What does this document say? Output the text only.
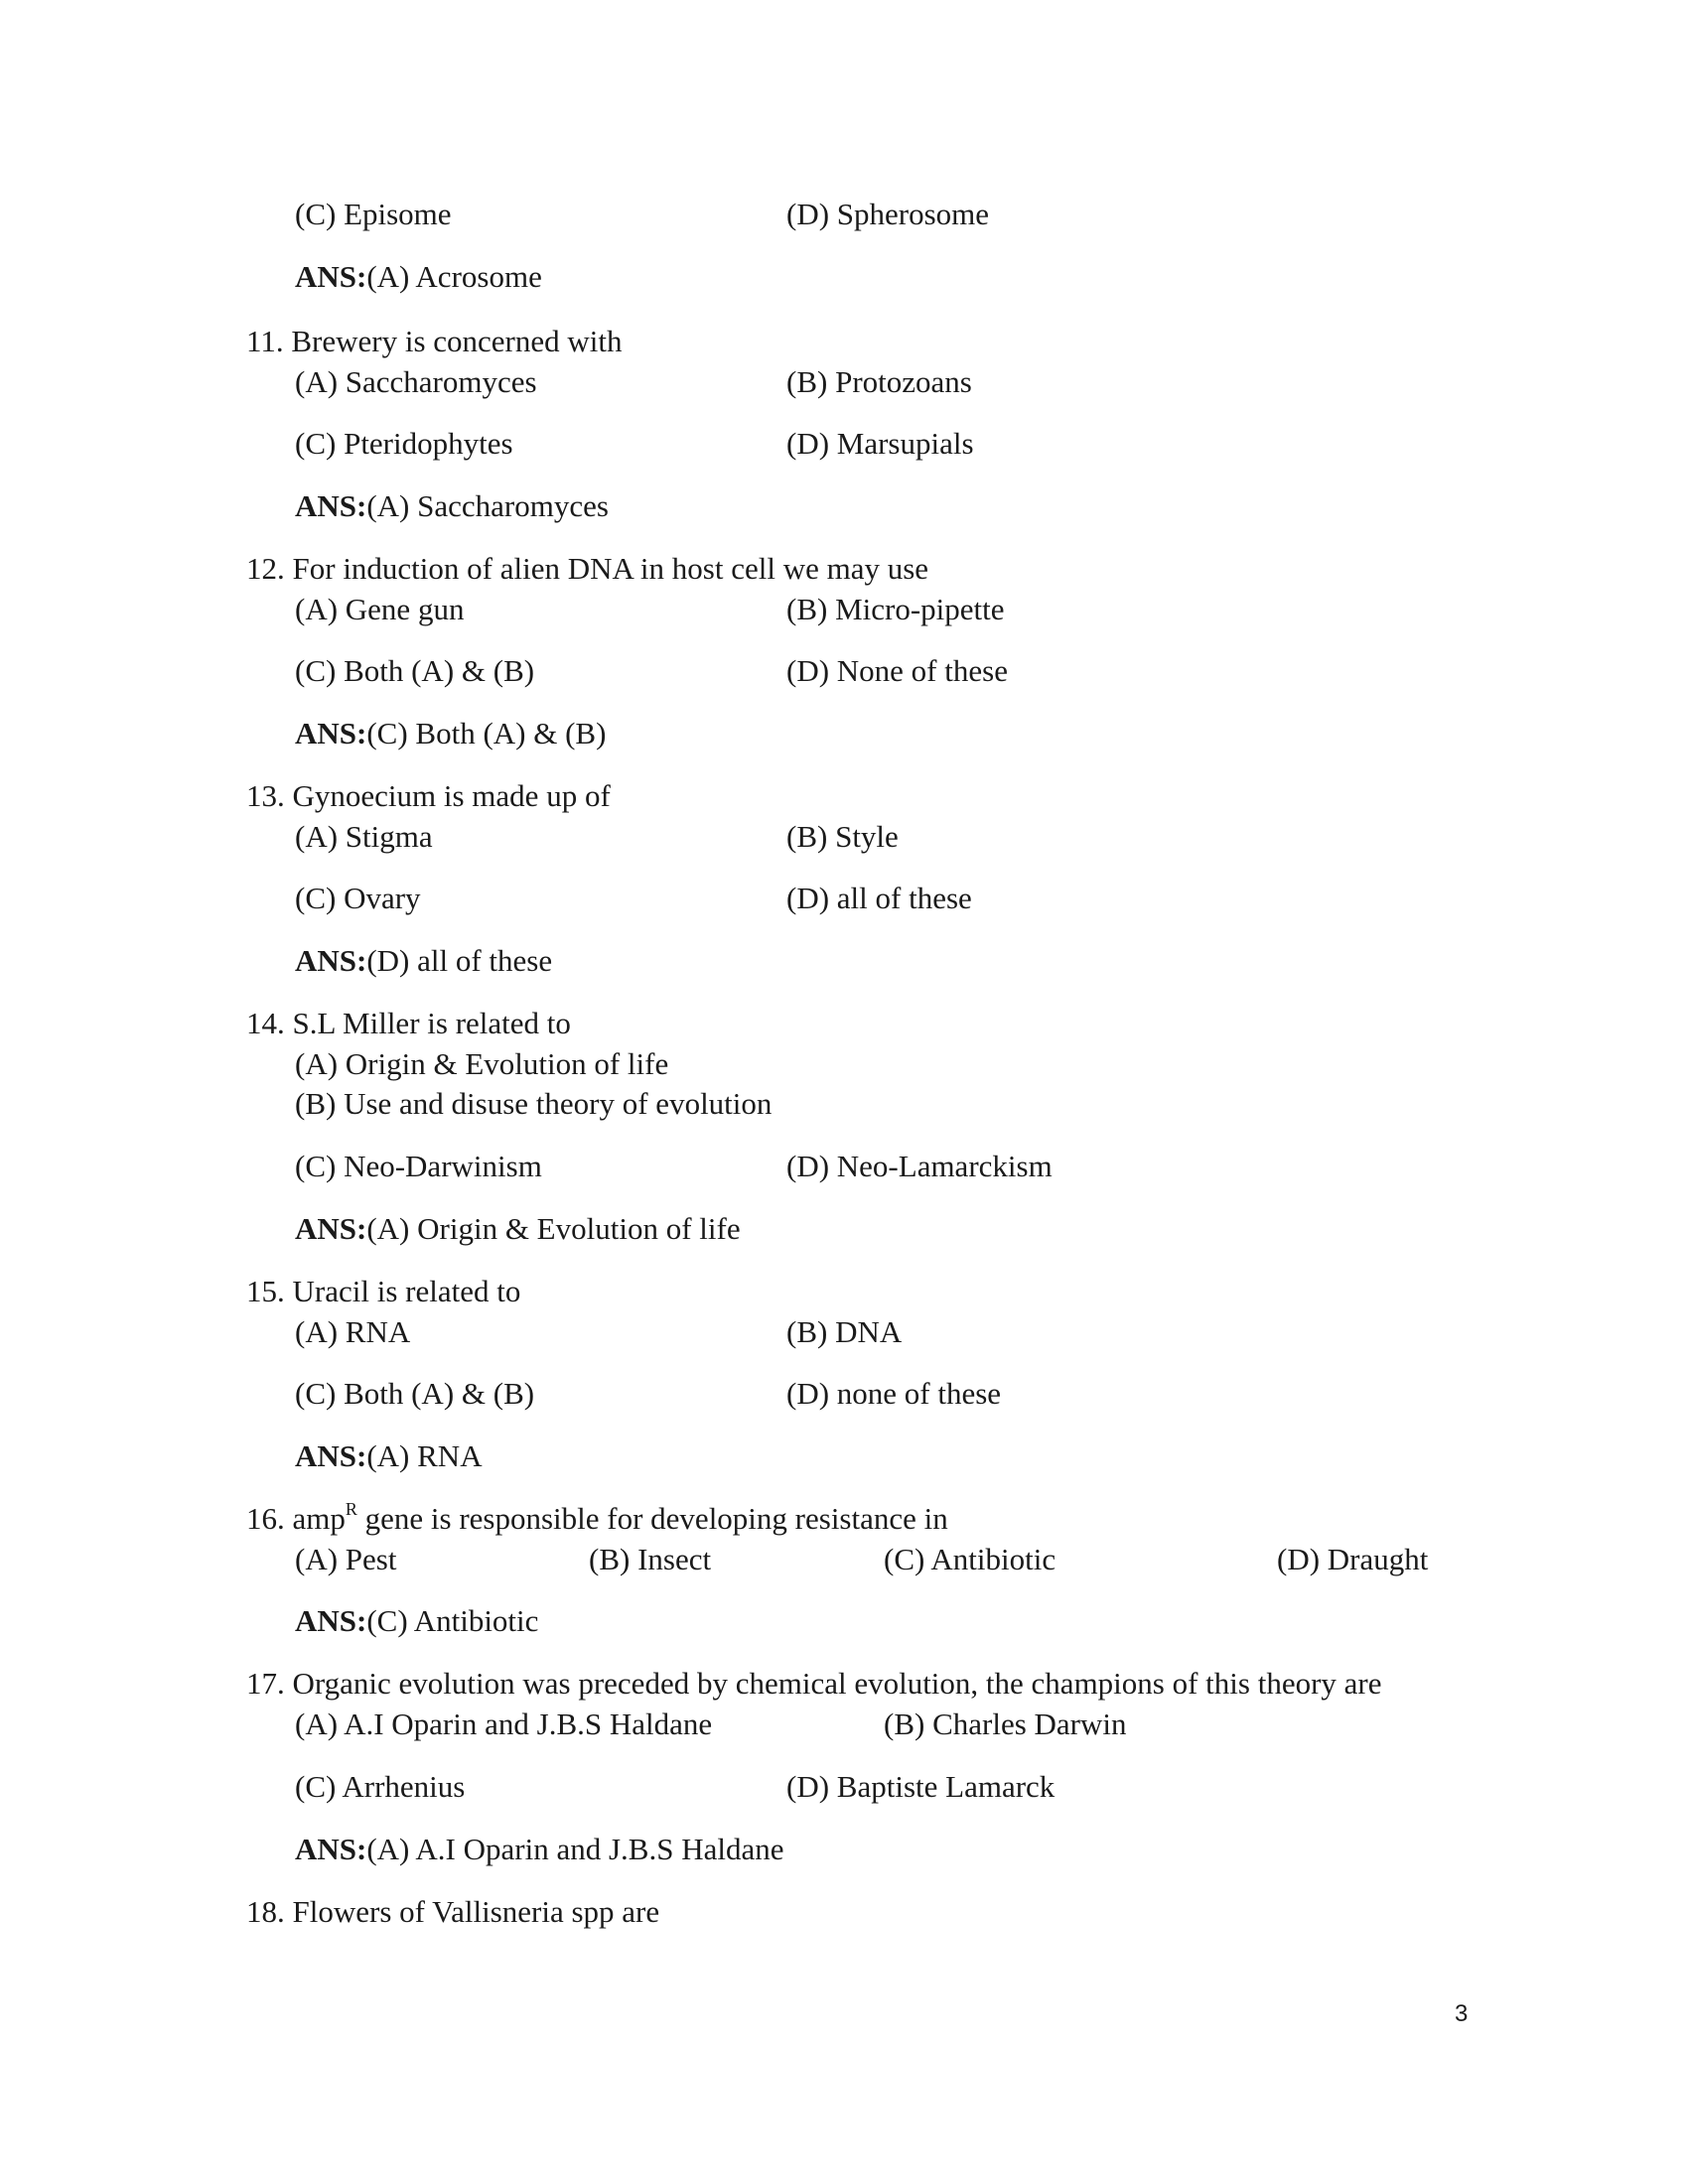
(C) Episome	(D) Spherosome
ANS:(A) Acrosome
11. Brewery is concerned with
(A) Saccharomyces	(B) Protozoans
(C) Pteridophytes	(D) Marsupials
ANS:(A) Saccharomyces
12. For induction of alien DNA in host cell we may use
(A) Gene gun	(B) Micro-pipette
(C) Both (A) & (B)	(D) None of these
ANS:(C) Both (A) & (B)
13. Gynoecium is made up of
(A) Stigma	(B) Style
(C) Ovary	(D) all of these
ANS:(D) all of these
14. S.L Miller is related to
(A) Origin & Evolution of life
(B) Use and disuse theory of evolution
(C) Neo-Darwinism	(D) Neo-Lamarckism
ANS:(A) Origin & Evolution of life
15. Uracil is related to
(A) RNA	(B) DNA
(C) Both (A) & (B)	(D) none of these
ANS:(A) RNA
16. amp$^R$ gene is responsible for developing resistance in
(A) Pest	(B) Insect	(C) Antibiotic	(D) Draught
ANS:(C) Antibiotic
17. Organic evolution was preceded by chemical evolution, the champions of this theory are
(A) A.I Oparin and J.B.S Haldane	(B) Charles Darwin
(C) Arrhenius	(D) Baptiste Lamarck
ANS:(A) A.I Oparin and J.B.S Haldane
18. Flowers of Vallisneria spp are
3
